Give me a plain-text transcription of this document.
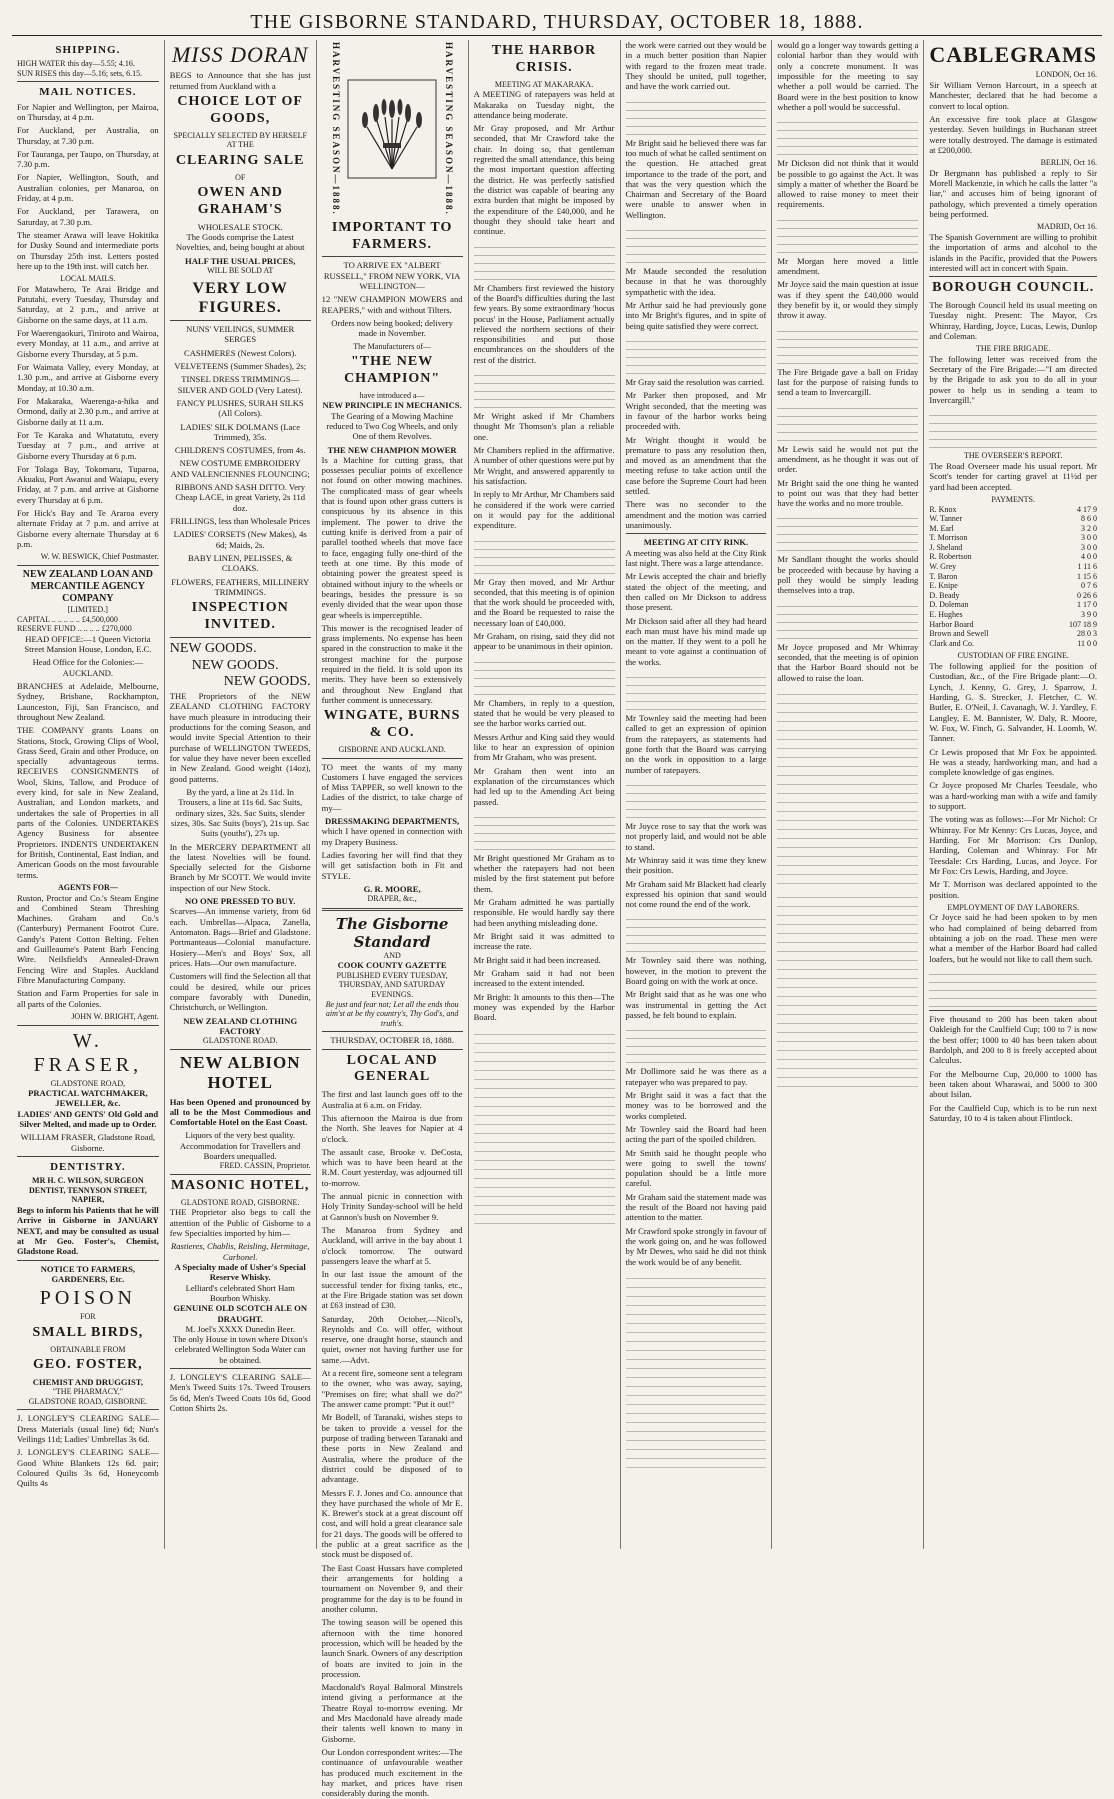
THE GISBORNE STANDARD, THURSDAY, OCTOBER 18, 1888.
SHIPPING.
HIGH WATER this day—5.55; 4.16.
SUN RISES this day—5.16; sets, 6.15.
MAIL NOTICES.

For Napier and Wellington, per Mairoa, on Thursday, at 4 p.m.

For Auckland, per Australia, on Thursday, at 7.30 p.m.

For Tauranga, per Taupo, on Thursday, at 7.30 p.m.

For Napier, Wellington, South, and Australian colonies, per Manaroa, on Friday, at 4 p.m.

For Auckland, per Tarawera, on Saturday, at 7.30 p.m.

The steamer Arawa will leave Hokitika for Dusky Sound and intermediate ports on Thursday 25th inst. Letters posted here up to the 19th inst. will catch her.

LOCAL MAILS.

For Matawhero, Te Arai Bridge and Patutahi, every Tuesday, Thursday and Saturday, at 2 p.m., and arrive at Gisborne on the same days, at 11 a.m.

For Waerengaokuri, Tiniroto and Wairoa, every Monday, at 11 a.m., and arrive at Gisborne every Thursday, at 5 p.m.

For Waimata Valley, every Monday, at 1.30 p.m., and arrive at Gisborne every Monday, at 10.30 a.m.

For Makaraka, Waerenga-a-hika and Ormond, daily at 2.30 p.m., and arrive at Gisborne daily at 11 a.m.

For Te Karaka and Whatatutu, every Tuesday at 7 p.m., and arrive at Gisborne every Thursday at 6 p.m.

For Tolaga Bay, Tokomaru, Tuparoa, Akuaku, Port Awanui and Waiapu, every Friday, at 7 p.m. and arrive at Gisborne every Thursday at 6 p.m.

For Hick's Bay and Te Araroa every alternate Friday at 7 p.m. and arrive at Gisborne every alternate Thursday at 6 p.m.

W. W. BESWICK, Chief Postmaster.
NEW ZEALAND LOAN AND MERCANTILE AGENCY COMPANY
[LIMITED.]
CAPITAL .. .. .. .. .. £4,500,000
RESERVE FUND .. .. .. .. £270,000

HEAD OFFICE:—1 Queen Victoria Street Mansion House, London, E.C.

Head Office for the Colonies:—AUCKLAND.

BRANCHES at Adelaide, Melbourne, Sydney, Brisbane, Rockhampton, Launceston, Fiji, San Francisco, and throughout New Zealand.

THE COMPANY grants Loans on Stations, Stock, Growing Clips of Wool, Grass Seed, Grain and other Produce, on specially advantageous terms. RECEIVES CONSIGNMENTS of Wool, Skins, Tallow, and Produce of every kind, for sale in New Zealand, Australian, and London markets, and undertakes the sale of Properties in all parts of the Colonies. UNDERTAKES Agency Business for absentee Proprietors. INDENTS UNDERTAKEN for British, Continental, East Indian, and American Goods on the most favourable terms.

AGENTS FOR—

Ruston, Proctor and Co.'s Steam Engine and Combined Steam Threshing Machines. Graham and Co.'s (Canterbury) Permanent Footrot Cure. Gandy's Patent Cotton Belting. Felten and Guilleaume's Patent Barb Fencing Wire. Neilsfield's Annealed-Drawn Fencing Wire and Staples. Auckland Fibre Manufacturing Company.

Station and Farm Properties for sale in all parts of the Colonies.

JOHN W. BRIGHT, Agent.
W. FRASER,
GLADSTONE ROAD,
PRACTICAL WATCHMAKER, JEWELLER, &c.

LADIES' AND GENTS' Old Gold and Silver Melted, and made up to Order.

WILLIAM FRASER, Gladstone Road, Gisborne.
DENTISTRY.
MR H. C. WILSON, SURGEON DENTIST, TENNYSON STREET, NAPIER,

Begs to inform his Patients that he will Arrive in Gisborne in JANUARY NEXT, and may be consulted as usual at Mr Geo. Foster's, Chemist, Gladstone Road.

NOTICE TO FARMERS, GARDENERS, Etc.
POISON
FOR
SMALL BIRDS,
OBTAINABLE FROM
GEO. FOSTER,
CHEMIST AND DRUGGIST,
"THE PHARMACY,"
GLADSTONE ROAD, GISBORNE.

J. LONGLEY'S CLEARING SALE— Dress Materials (usual line) 6d; Nun's Veilings 11d; Ladies' Umbrellas 3s 6d.

J. LONGLEY'S CLEARING SALE— Good White Blankets 12s 6d. pair; Coloured Quilts 3s 6d, Honeycomb Quilts 4s

MISS DORAN

BEGS to Announce that she has just returned from Auckland with a

CHOICE LOT OF GOODS,
SPECIALLY SELECTED BY HERSELF
AT THE
CLEARING SALE
OF
OWEN AND GRAHAM'S
WHOLESALE STOCK.

The Goods comprise the Latest Novelties, and, being bought at about

HALF THE USUAL PRICES,
WILL BE SOLD AT
VERY LOW FIGURES.
NUNS' VEILINGS, SUMMER SERGES
CASHMERES (Newest Colors).
VELVETEENS (Summer Shades), 2s;
TINSEL DRESS TRIMMINGS—SILVER AND GOLD (Very Latest).
FANCY PLUSHES, SURAH SILKS (All Colors).
LADIES' SILK DOLMANS (Lace Trimmed), 35s.
CHILDREN'S COSTUMES, from 4s.
NEW COSTUME EMBROIDERY AND VALENCIENNES FLOUNCING;
RIBBONS AND SASH DITTO. Very Cheap LACE, in great Variety, 2s 11d doz.
FRILLINGS, less than Wholesale Prices
LADIES' CORSETS (New Makes), 4s 6d; Maids, 2s.
BABY LINEN, PELISSES, & CLOAKS.
FLOWERS, FEATHERS, MILLINERY TRIMMINGS.
INSPECTION INVITED.
NEW GOODS.
NEW GOODS.
NEW GOODS.

THE Proprietors of the NEW ZEALAND CLOTHING FACTORY have much pleasure in introducing their productions for the coming Season, and would invite Special Attention to their purchase of WELLINGTON TWEEDS, for value they have never been excelled in New Zealand. Good weight (14oz), good patterns.

By the yard, a line at 2s 11d. In Trousers, a line at 11s 6d. Sac Suits, ordinary sizes, 32s. Sac Suits, slender sizes, 30s. Sac Suits (boys'), 21s up. Sac Suits (youths'), 27s up.

In the MERCERY DEPARTMENT all the latest Novelties will be found. Specially selected for the Gisborne Branch by Mr SCOTT. We would invite inspection of our New Stock.

NO ONE PRESSED TO BUY.

Scarves—An immense variety, from 6d each. Umbrellas—Alpaca, Zanella, Antomaton. Bags—Brief and Gladstone. Portmanteaus—Colonial manufacture. Hosiery—Men's and Boys' Sox, all prices. Hats—Our own manufacture.

Customers will find the Selection all that could be desired, while our prices compare favorably with Dunedin, Christchurch, or Wellington.

NEW ZEALAND CLOTHING FACTORY
GLADSTONE ROAD.
NEW ALBION HOTEL

Has been Opened and pronounced by all to be the Most Commodious and Comfortable Hotel on the East Coast.

Liquors of the very best quality.
Accommodation for Travellers and Boarders unequalled.
FRED. CASSIN, Proprietor.
MASONIC HOTEL,
GLADSTONE ROAD, GISBORNE.

THE Proprietor also begs to call the attention of the Public of Gisborne to a few Specialties imported by him—

Rastieres, Chablis, Reisling, Hermitage, Carbonel.
A Specialty made of Usher's Special Reserve Whisky.
Lelliard's celebrated Short Ham Bourbon Whisky.
GENUINE OLD SCOTCH ALE ON DRAUGHT.
M. Joel's XXXX Dunedin Beer.

The only House in town where Dixon's celebrated Wellington Soda Water can be obtained.

J. LONGLEY'S CLEARING SALE— Men's Tweed Suits 17s. Tweed Trousers 5s 6d, Men's Tweed Coats 10s 6d, Good Cotton Shirts 2s.

HARVESTING SEASON—1888.	HARVESTING SEASON—1888.
IMPORTANT TO FARMERS.

TO ARRIVE EX "ALBERT RUSSELL," FROM NEW YORK, VIA WELLINGTON—

12 "NEW CHAMPION MOWERS and REAPERS," with and without Tilters.

Orders now being booked; delivery made in November.

The Manufacturers of—
"THE NEW CHAMPION"
have introduced a—
NEW PRINCIPLE IN MECHANICS.

The Gearing of a Mowing Machine reduced to Two Cog Wheels, and only One of them Revolves.

THE NEW CHAMPION MOWER

Is a Machine for cutting grass, that possesses peculiar points of excellence not found on other mowing machines. The complicated mass of gear wheels that is found upon other grass cutters is conspicuous by its absence in this implement. The power to drive the cutting knife is derived from a pair of parallel toothed wheels that move face to face, engaging fully one-third of the teeth at one time. By this mode of obtaining power the greatest speed is obtained without injury to the wheels or bearings, besides the pressure is so evenly divided that the wear upon those gear wheels is imperceptible.

This mower is the recognised leader of grass implements. No expense has been spared in the construction to make it the strongest machine for the purpose required in the field. It is sold upon its merits. They have been so extensively and throughout New England that further comment is unnecessary.

WINGATE, BURNS & CO.
GISBORNE AND AUCKLAND.

TO meet the wants of my many Customers I have engaged the services of Miss TAPPER, so well known to the Ladies of the district, to take charge of my—

DRESSMAKING DEPARTMENTS,

which I have opened in connection with my Drapery Business.

Ladies favoring her will find that they will get satisfaction both in Fit and STYLE.

G. R. MOORE,
DRAPER, &c.,
The Gisborne Standard
AND
COOK COUNTY GAZETTE
PUBLISHED EVERY TUESDAY, THURSDAY, AND SATURDAY EVENINGS.

Be just and fear not; Let all the ends thou aim'st at be thy country's, Thy God's, and truth's.

THURSDAY, OCTOBER 18, 1888.
LOCAL AND GENERAL

The first and last launch goes off to the Australia at 6 a.m. on Friday.

This afternoon the Mairoa is due from the North. She leaves for Napier at 4 o'clock.

The assault case, Brooke v. DeCosta, which was to have been heard at the R.M. Court yesterday, was adjourned till to-morrow.

The annual picnic in connection with Holy Trinity Sunday-school will be held at Gannon's bush on November 9.

The Manaroa from Sydney and Auckland, will arrive in the bay about 1 o'clock tomorrow. The outward passengers leave the wharf at 5.

In our last issue the amount of the successful tender for fixing tanks, etc., at the Fire Brigade station was set down at £63 instead of £30.

Saturday, 20th October,—Nicol's, Reynolds and Co. will offer, without reserve, one draught horse, staunch and quiet, owner not having further use for same.—Advt.

At a recent fire, someone sent a telegram to the owner, who was away, saying, "Premises on fire; what shall we do?" The answer came prompt: "Put it out!"

Mr Bodell, of Taranaki, wishes steps to be taken to provide a vessel for the purpose of trading between Taranaki and these ports in New Zealand and Australia, where the produce of the district could be disposed of to advantage.

Messrs F. J. Jones and Co. announce that they have purchased the whole of Mr E. K. Brewer's stock at a great discount off cost, and will hold a great clearance sale for 21 days. The goods will be offered to the public at a great sacrifice as the stock must be disposed of.

The East Coast Hussars have completed their arrangements for holding a tournament on November 9, and their programme for the day is to be found in another column.

The towing season will be opened this afternoon with the time honored procession, which will be headed by the launch Snark. Owners of any description of boats are invited to join in the procession.

Macdonald's Royal Balmoral Minstrels intend giving a performance at the Theatre Royal to-morrow evening. Mr and Mrs Macdonald have already made their talents well known to many in Gisborne.

Our London correspondent writes:—The continuance of unfavourable weather has produced much excitement in the hay market, and prices have risen considerably during the month.

THE HARBOR CRISIS.
MEETING AT MAKARAKA.

A MEETING of ratepayers was held at Makaraka on Tuesday night, the attendance being moderate.

Mr Gray proposed, and Mr Arthur seconded, that Mr Crawford take the chair. In doing so, that gentleman regretted the small attendance, this being the most important question affecting the district. He was perfectly satisfied the district was capable of bearing any extra burden that might be imposed by the expenditure of the £40,000, and he thought they should take heart and continue.

Mr Chambers first reviewed the history of the Board's difficulties during the last few years. By some extraordinary 'hocus pocus' in the House, Parliament actually relieved the northern sections of their responsibilities and put those encumbrances on the shoulders of the rest of the district.

Mr Wright asked if Mr Chambers thought Mr Thomson's plan a reliable one.

Mr Chambers replied in the affirmative. A number of other questions were put by Mr Wright, and answered apparently to his satisfaction.

In reply to Mr Arthur, Mr Chambers said he considered if the work were carried on it would pay for the additional expenditure.

Mr Gray then moved, and Mr Arthur seconded, that this meeting is of opinion that the work should be proceeded with, and the Board be requested to raise the necessary loan of £40,000.

Mr Graham, on rising, said they did not appear to be unanimous in their opinion.

Mr Chambers, in reply to a question, stated that he would be very pleased to see the harbor works carried out.

Messrs Arthur and King said they would like to hear an expression of opinion from Mr Graham, who was present.

Mr Graham then went into an explanation of the circumstances which had led up to the Amending Act being passed.

Mr Bright questioned Mr Graham as to whether the ratepayers had not been misled by the first statement put before them.

Mr Graham admitted he was partially responsible. He would hardly say there had been anything misleading done.

Mr Bright said it was admitted to increase the rate.

Mr Bright said it had been increased.

Mr Graham said it had not been increased to the extent intended.

Mr Bright: It amounts to this then—The money was expended by the Harbor Board.

the work were carried out they would be in a much better position than Napier with regard to the frozen meat trade. They should be united, pull together, and have the work carried out.

Mr Bright said he believed there was far too much of what he called sentiment on the question. He attached great importance to the trade of the port, and that was the very question which the Chairman and Secretary of the Board were unable to answer when in Wellington.

Mr Maude seconded the resolution because in that he was thoroughly sympathetic with the idea.

Mr Arthur said he had previously gone into Mr Bright's figures, and in spite of being quite satisfied they were correct.

Mr Gray said the resolution was carried.

Mr Parker then proposed, and Mr Wright seconded, that the meeting was in favour of the harbor works being proceeded with.

Mr Wright thought it would be premature to pass any resolution then, and moved as an amendment that the meeting refuse to take action until the case before the Supreme Court had been settled.

There was no seconder to the amendment and the motion was carried unanimously.

MEETING AT CITY RINK.

A meeting was also held at the City Rink last night. There was a large attendance.

Mr Lewis accepted the chair and briefly stated the object of the meeting, and then called on Mr Dickson to address those present.

Mr Dickson said after all they had heard each man must have his mind made up on the matter. If they went to a poll he meant to vote against a continuation of the works.

Mr Townley said the meeting had been called to get an expression of opinion from the ratepayers, as statements had gone forth that the Board was carrying on the work in opposition to a large number of ratepayers.

Mr Joyce rose to say that the work was not properly laid, and would not be able to stand.

Mr Whinray said it was time they knew their position.

Mr Graham said Mr Blackett had clearly expressed his opinion that sand would not come round the end of the work.

Mr Townley said there was nothing, however, in the motion to prevent the Board going on with the work at once.

Mr Bright said that as he was one who was instrumental in getting the Act passed, he felt bound to explain.

Mr Dollimore said he was there as a ratepayer who was prepared to pay.

Mr Bright said it was a fact that the money was to be borrowed and the works completed.

Mr Townley said the Board had been acting the part of the spoiled children.

Mr Smith said he thought people who were going to swell the towns' population should be a little more careful.

Mr Graham said the statement made was the result of the Board not having paid attention to the matter.

Mr Crawford spoke strongly in favour of the work going on, and he was followed by Mr Dewes, who said he did not think the work would be of any benefit.

would go a longer way towards getting a colonial harbor than they would with only a concrete monument. It was impossible for the meeting to say whether a poll would be carried. The Board were in the best position to know whether a poll would be successful.

Mr Dickson did not think that it would be possible to go against the Act. It was simply a matter of whether the Board be allowed to raise money to meet their requirements.

Mr Morgan here moved a little amendment.

Mr Joyce said the main question at issue was if they spent the £40,000 would they benefit by it, or would they simply throw it away.

The Fire Brigade gave a ball on Friday last for the purpose of raising funds to send a team to Invercargill.

Mr Lewis said he would not put the amendment, as he thought it was out of order.

Mr Bright said the one thing he wanted to point out was that they had better have the works and no more trouble.

Mr Sandlant thought the works should be proceeded with because by having a poll they would be simply leading themselves into a trap.

Mr Joyce proposed and Mr Whinray seconded, that the meeting is of opinion that the Harbor Board should not be allowed to raise the loan.

CABLEGRAMS
LONDON, Oct 16.

Sir William Vernon Harcourt, in a speech at Manchester, declared that he had become a convert to local option.

An excessive fire took place at Glasgow yesterday. Seven buildings in Buchanan street were totally destroyed. The damage is estimated at £200,000.

BERLIN, Oct 16.

Dr Bergmann has published a reply to Sir Morell Mackenzie, in which he calls the latter "a liar," and accuses him of being ignorant of pathology, which prevented a timely operation being performed.

MADRID, Oct 16.

The Spanish Government are willing to prohibit the importation of arms and alcohol to the islands in the Pacific, provided that the Powers interested will act in concert with Spain.

BOROUGH COUNCIL.

The Borough Council held its usual meeting on Tuesday night. Present: The Mayor, Crs Whinray, Harding, Joyce, Lucas, Lewis, Dunlop and Coleman.

THE FIRE BRIGADE.

The following letter was received from the Secretary of the Fire Brigade:—"I am directed by the Brigade to ask you to do all in your power to help us in sending a team to Invercargill."

THE OVERSEER'S REPORT.

The Road Overseer made his usual report. Mr Scott's tender for carting gravel at 11½d per yard had been accepted.

PAYMENTS.
R. Knox	4 17 9
W. Tanner	8 6 0
M. Earl	3 2 0
T. Morrison	3 0 0
J. Sheland	3 0 0
R. Robertson	4 0 0
W. Grey	1 11 6
T. Baron	1 15 6
E. Knipe	0 7 6
D. Beady	0 26 6
D. Doleman	1 17 0
E. Hughes	3 9 0
Harbor Board	107 18 9
Brown and Sewell	28 0 3
Clark and Co.	11 0 0
CUSTODIAN OF FIRE ENGINE.

The following applied for the position of Custodian, &c., of the Fire Brigade plant:—O. Lynch, J. Kenny, G. Grey, J. Sparrow, J. Harding, G. S. Strecker, J. Fletcher, C. W. Butler, E. O'Neil, J. Cavanagh, W. J. Yardley, F. Langley, E. M. Bannister, W. Daly, R. Moore, W. Fox, W. Finch, G. Salvander, H. Loomb, W. Tanner.

Cr Lewis proposed that Mr Fox be appointed. He was a steady, hardworking man, and had a complete knowledge of gas engines.

Cr Joyce proposed Mr Charles Teesdale, who was a hard-working man with a wife and family to support.

The voting was as follows:—For Mr Nichol: Cr Whinray. For Mr Kenny: Crs Lucas, Joyce, and Harding. For Mr Morrison: Crs Dunlop, Harding, Coleman and Whinray. For Mr Teesdale: Crs Harding, Lucas, and Joyce. For Mr Fox: Crs Lewis, Harding, and Joyce.

Mr T. Morrison was declared appointed to the position.

EMPLOYMENT OF DAY LABORERS.

Cr Joyce said he had been spoken to by men who had complained of being debarred from obtaining a job on the road. These men were what a member of the Harbor Board had called loafers, but he would not like to call them such.

Five thousand to 200 has been taken about Oakleigh for the Caulfield Cup; 100 to 7 is now the best offer; 1000 to 40 has been taken about Bardolph, and 200 to 8 is freely accepted about Calculus.

For the Melbourne Cup, 20,000 to 1000 has been taken about Wharawai, and 5000 to 300 about Isilan.

For the Caulfield Cup, which is to be run next Saturday, 10 to 4 is taken about Flintlock.
